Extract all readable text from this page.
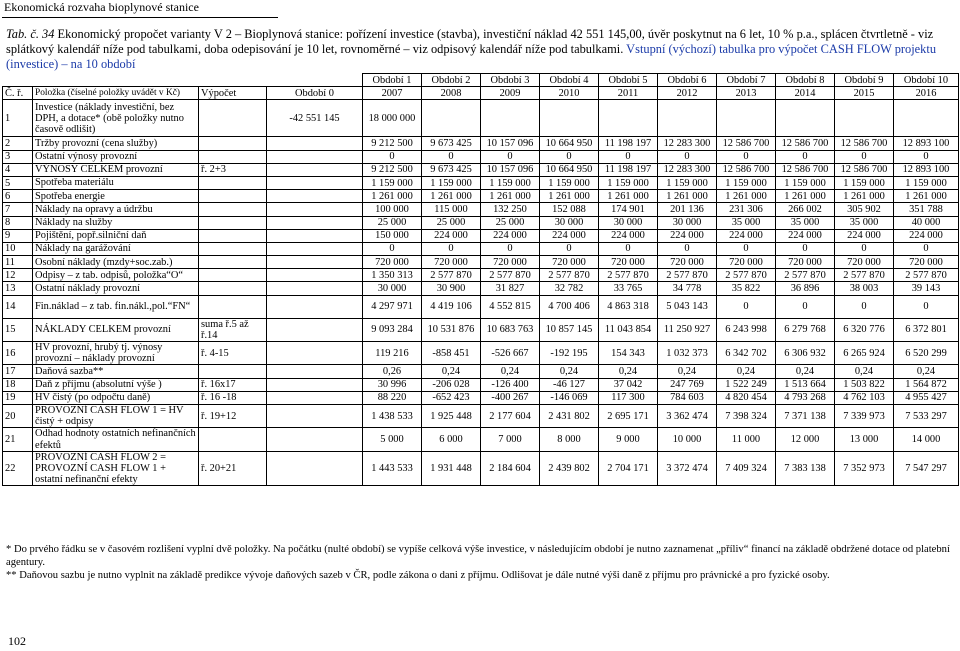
Ekonomická rozvaha bioplynové stanice
Tab. č. 34 Ekonomický propočet varianty V 2 – Bioplynová stanice: pořízení investice (stavba), investiční náklad 42 551 145,00, úvěr poskytnut na 6 let, 10 % p.a., splácen čtvrtletně - viz splátkový kalendář níže pod tabulkami, doba odepisování je 10 let, rovnoměrné – viz odpisový kalendář níže pod tabulkami. Vstupní (výchozí) tabulka pro výpočet CASH FLOW projektu (investice) – na 10 období
				Období 1	Období 2	Období 3	Období 4	Období 5	Období 6	Období 7	Období 8	Období 9	Období 10
Č. ř.	Položka (číselné položky uvádět v Kč)	Výpočet	Období 0	2007	2008	2009	2010	2011	2012	2013	2014	2015	2016
1	Investice (náklady investiční, bez DPH, a dotace* (obě položky nutno časově odlišit)		-42 551 145	18 000 000									
2	Tržby provozní (cena služby)			9 212 500	9 673 425	10 157 096	10 664 950	11 198 197	12 283 300	12 586 700	12 586 700	12 586 700	12 893 100
3	Ostatní výnosy provozní			0	0	0	0	0	0	0	0	0	0
4	VÝNOSY CELKEM provozní	ř. 2+3		9 212 500	9 673 425	10 157 096	10 664 950	11 198 197	12 283 300	12 586 700	12 586 700	12 586 700	12 893 100
5	Spotřeba materiálu			1 159 000	1 159 000	1 159 000	1 159 000	1 159 000	1 159 000	1 159 000	1 159 000	1 159 000	1 159 000
6	Spotřeba energie			1 261 000	1 261 000	1 261 000	1 261 000	1 261 000	1 261 000	1 261 000	1 261 000	1 261 000	1 261 000
7	Náklady na opravy a údržbu			100 000	115 000	132 250	152 088	174 901	201 136	231 306	266 002	305 902	351 788
8	Náklady na služby			25 000	25 000	25 000	30 000	30 000	30 000	35 000	35 000	35 000	40 000
9	Pojištění, popř.silniční daň			150 000	224 000	224 000	224 000	224 000	224 000	224 000	224 000	224 000	224 000
10	Náklady na garážování			0	0	0	0	0	0	0	0	0	0
11	Osobní náklady (mzdy+soc.zab.)			720 000	720 000	720 000	720 000	720 000	720 000	720 000	720 000	720 000	720 000
12	Odpisy – z tab. odpisů, položka“O“			1 350 313	2 577 870	2 577 870	2 577 870	2 577 870	2 577 870	2 577 870	2 577 870	2 577 870	2 577 870
13	Ostatní náklady provozní			30 000	30 900	31 827	32 782	33 765	34 778	35 822	36 896	38 003	39 143
14	Fin.náklad – z tab. fin.nákl.,pol.“FN“			4 297 971	4 419 106	4 552 815	4 700 406	4 863 318	5 043 143	0	0	0	0
15	NÁKLADY CELKEM provozní	suma ř.5 až ř.14		9 093 284	10 531 876	10 683 763	10 857 145	11 043 854	11 250 927	6 243 998	6 279 768	6 320 776	6 372 801
16	HV provozní, hrubý tj. výnosy provozní – náklady provozní	ř. 4-15		119 216	-858 451	-526 667	-192 195	154 343	1 032 373	6 342 702	6 306 932	6 265 924	6 520 299
17	Daňová sazba**			0,26	0,24	0,24	0,24	0,24	0,24	0,24	0,24	0,24	0,24
18	Daň z příjmu (absolutní výše )	ř. 16x17		30 996	-206 028	-126 400	-46 127	37 042	247 769	1 522 249	1 513 664	1 503 822	1 564 872
19	HV čistý (po odpočtu daně)	ř. 16 -18		88 220	-652 423	-400 267	-146 069	117 300	784 603	4 820 454	4 793 268	4 762 103	4 955 427
20	PROVOZNÍ CASH FLOW 1 = HV čistý + odpisy	ř. 19+12		1 438 533	1 925 448	2 177 604	2 431 802	2 695 171	3 362 474	7 398 324	7 371 138	7 339 973	7 533 297
21	Odhad hodnoty ostatních nefinančních efektů			5 000	6 000	7 000	8 000	9 000	10 000	11 000	12 000	13 000	14 000
22	PROVOZNÍ CASH FLOW 2 = PROVOZNÍ CASH FLOW 1 + ostatní nefinanční efekty	ř. 20+21		1 443 533	1 931 448	2 184 604	2 439 802	2 704 171	3 372 474	7 409 324	7 383 138	7 352 973	7 547 297

* Do prvého řádku se v časovém rozlišení vyplní dvě položky. Na počátku (nulté období) se vypíše celková výše investice, v následujícím období je nutno zaznamenat „příliv“ financí na základě obdržené dotace od platební agentury.

** Daňovou sazbu je nutno vyplnit na základě predikce vývoje daňových sazeb v ČR, podle zákona o dani z příjmu. Odlišovat je dále nutné výši daně z příjmu pro právnické a pro fyzické osoby.

102
